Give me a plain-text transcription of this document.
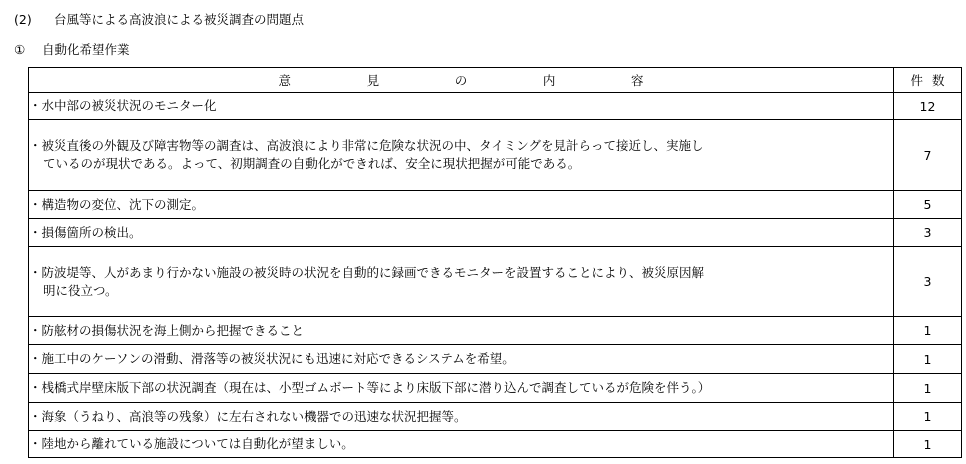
(2) 台風等による高波浪による被災調査の問題点
① 自動化希望作業
意 見 の 内 容	件 数

・水中部の被災状況のモニター化	12

・被災直後の外観及び障害物等の調査は、高波浪により非常に危険な状況の中、タイミングを見計らって接近し、実施し
ているのが現状である。よって、初期調査の自動化ができれば、安全に現状把握が可能である。	7

・構造物の変位、沈下の測定。	5

・損傷箇所の検出。	3

・防波堤等、人があまり行かない施設の被災時の状況を自動的に録画できるモニターを設置することにより、被災原因解
明に役立つ。	3

・防舷材の損傷状況を海上側から把握できること	1

・施工中のケーソンの滑動、滑落等の被災状況にも迅速に対応できるシステムを希望。	1

・桟橋式岸壁床版下部の状況調査（現在は、小型ゴムボート等により床版下部に潜り込んで調査しているが危険を伴う。）	1

・海象（うねり、高浪等の残象）に左右されない機器での迅速な状況把握等。	1

・陸地から離れている施設については自動化が望ましい。	1
